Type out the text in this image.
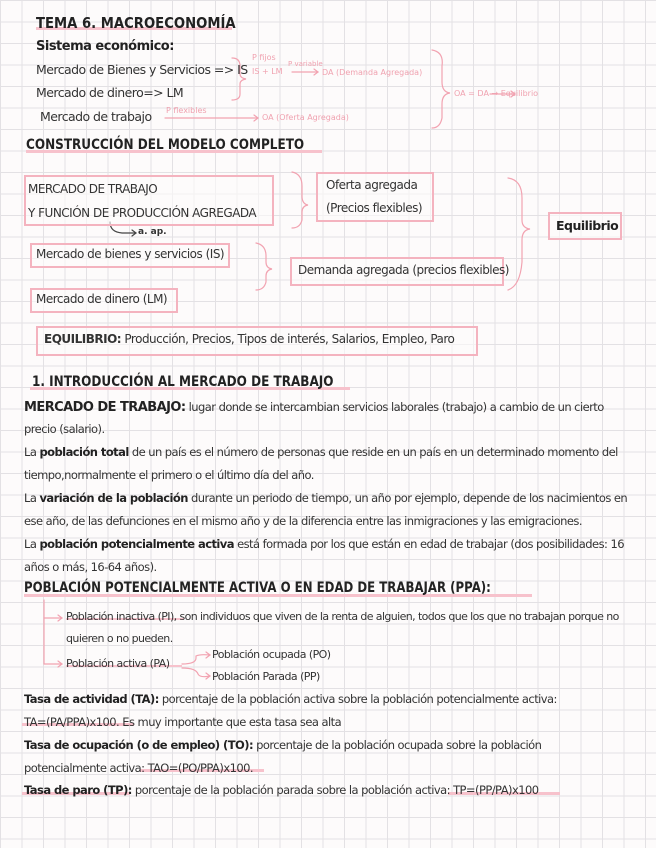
TEMA 6. MACROECONOMÍA
Sistema económico:
Mercado de Bienes y Servicios => IS
Mercado de dinero=> LM
Mercado de trabajo
P fijos
IS + LM
P variable
DA (Demanda Agregada)
P flexibles
OA (Oferta Agregada)
OA = DA → Equilibrio
CONSTRUCCIÓN DEL MODELO COMPLETO
MERCADO DE TRABAJO
Y FUNCIÓN DE PRODUCCIÓN AGREGADA
a. ap.
Mercado de bienes y servicios (IS)
Mercado de dinero (LM)
Oferta agregada
(Precios flexibles)
Demanda agregada (precios flexibles)
Equilibrio
EQUILIBRIO: Producción, Precios, Tipos de interés, Salarios, Empleo, Paro
1. INTRODUCCIÓN AL MERCADO DE TRABAJO
MERCADO DE TRABAJO: lugar donde se intercambian servicios laborales (trabajo) a cambio de un cierto
precio (salario).
La población total de un país es el número de personas que reside en un país en un determinado momento del
tiempo,normalmente el primero o el último día del año.
La variación de la población durante un periodo de tiempo, un año por ejemplo, depende de los nacimientos en
ese año, de las defunciones en el mismo año y de la diferencia entre las inmigraciones y las emigraciones.
La población potencialmente activa está formada por los que están en edad de trabajar (dos posibilidades: 16
años o más, 16-64 años).
POBLACIÓN POTENCIALMENTE ACTIVA O EN EDAD DE TRABAJAR (PPA):
Población inactiva (PI), son individuos que viven de la renta de alguien, todos que los que no trabajan porque no
quieren o no pueden.
Población activa (PA)
Población ocupada (PO)
Población Parada (PP)
Tasa de actividad (TA): porcentaje de la población activa sobre la población potencialmente activa:
TA=(PA/PPA)x100. Es muy importante que esta tasa sea alta
Tasa de ocupación (o de empleo) (TO): porcentaje de la población ocupada sobre la población
potencialmente activa: TAO=(PO/PPA)x100.
Tasa de paro (TP): porcentaje de la población parada sobre la población activa: TP=(PP/PA)x100
